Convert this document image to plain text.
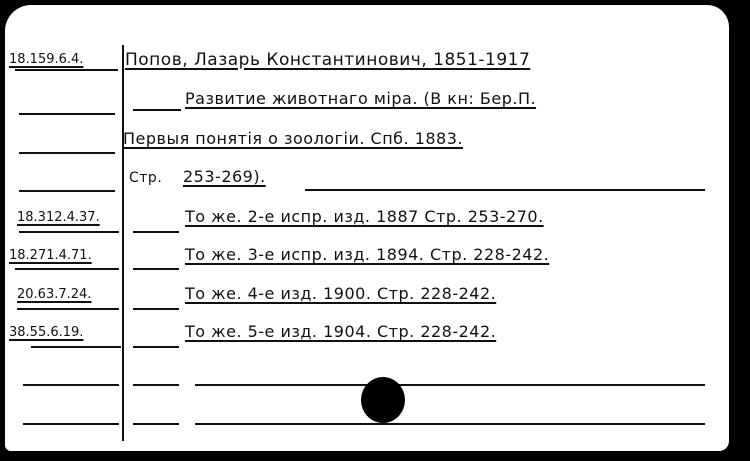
18.159.6.4.
18.312.4.37.
18.271.4.71.
20.63.7.24.
38.55.6.19.
Попов, Лазарь Константинович, 1851-1917
Развитие животнаго міра. (В кн: Бер.П.
Первыя понятія о зоологіи. Спб. 1883.
Стр. 253-269).
То же. 2-е испр. изд. 1887 Стр. 253-270.
То же. 3-е испр. изд. 1894. Стр. 228-242.
То же. 4-е изд. 1900. Стр. 228-242.
То же. 5-е изд. 1904. Стр. 228-242.
